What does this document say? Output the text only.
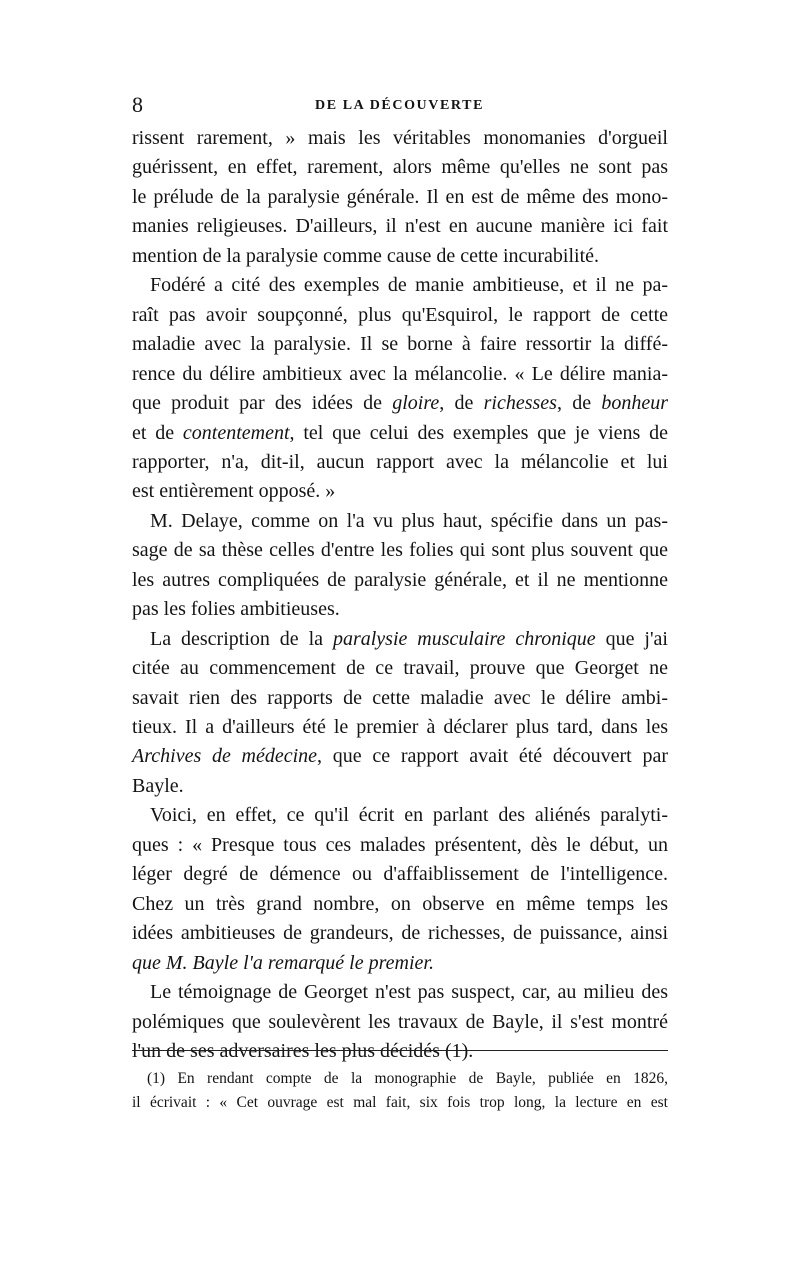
8	DE LA DÉCOUVERTE
rissent rarement, » mais les véritables monomanies d'orgueil
guérissent, en effet, rarement, alors même qu'elles ne sont pas
le prélude de la paralysie générale. Il en est de même des mono-
manies religieuses. D'ailleurs, il n'est en aucune manière ici fait
mention de la paralysie comme cause de cette incurabilité.
Fodéré a cité des exemples de manie ambitieuse, et il ne pa-
raît pas avoir soupçonné, plus qu'Esquirol, le rapport de cette
maladie avec la paralysie. Il se borne à faire ressortir la diffé-
rence du délire ambitieux avec la mélancolie. « Le délire mania-
que produit par des idées de gloire, de richesses, de bonheur
et de contentement, tel que celui des exemples que je viens de
rapporter, n'a, dit-il, aucun rapport avec la mélancolie et lui
est entièrement opposé. »
M. Delaye, comme on l'a vu plus haut, spécifie dans un pas-
sage de sa thèse celles d'entre les folies qui sont plus souvent que
les autres compliquées de paralysie générale, et il ne mentionne
pas les folies ambitieuses.
La description de la paralysie musculaire chronique que j'ai
citée au commencement de ce travail, prouve que Georget ne
savait rien des rapports de cette maladie avec le délire ambi-
tieux. Il a d'ailleurs été le premier à déclarer plus tard, dans les
Archives de médecine, que ce rapport avait été découvert par
Bayle.
Voici, en effet, ce qu'il écrit en parlant des aliénés paralyti-
ques : « Presque tous ces malades présentent, dès le début, un
léger degré de démence ou d'affaiblissement de l'intelligence.
Chez un très grand nombre, on observe en même temps les
idées ambitieuses de grandeurs, de richesses, de puissance, ainsi
que M. Bayle l'a remarqué le premier.
Le témoignage de Georget n'est pas suspect, car, au milieu des
polémiques que soulevèrent les travaux de Bayle, il s'est montré
l'un de ses adversaires les plus décidés (1).
(1) En rendant compte de la monographie de Bayle, publiée en 1826,
il écrivait : « Cet ouvrage est mal fait, six fois trop long, la lecture en est
